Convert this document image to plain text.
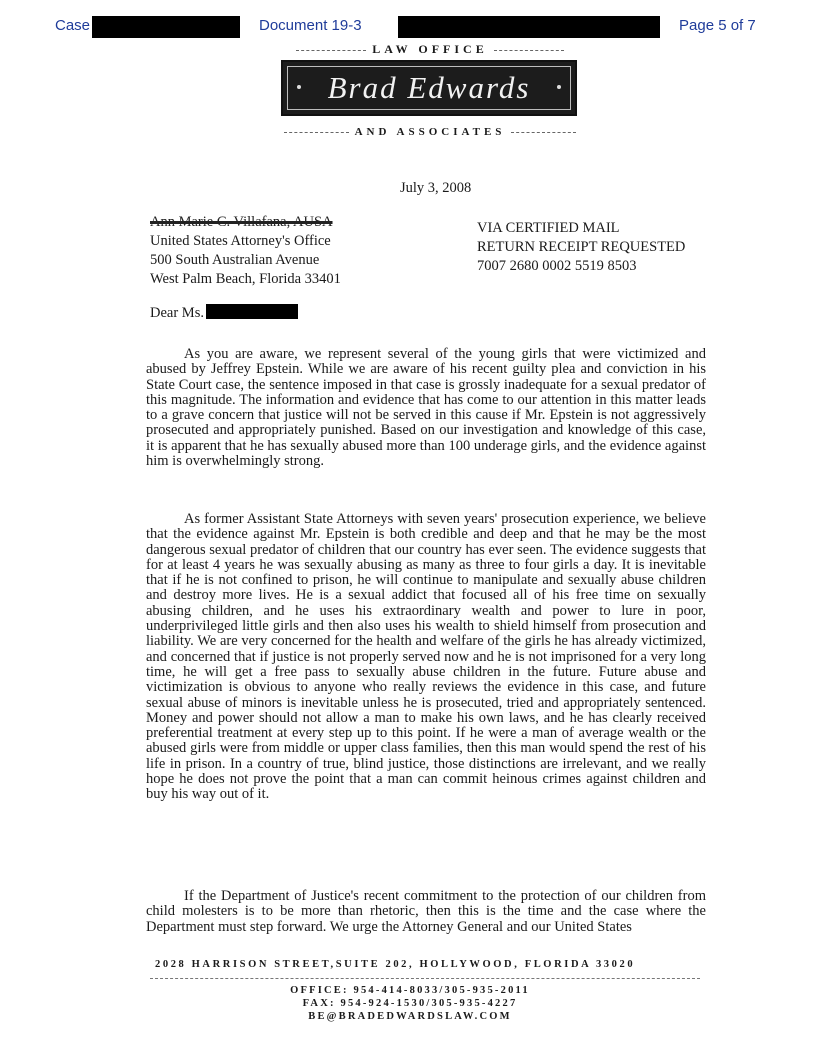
Case	Document 19-3	Page 5 of 7
LAW OFFICE
Brad Edwards
AND ASSOCIATES
July 3, 2008
Ann Marie C. Villafana, AUSA
United States Attorney's Office
500 South Australian Avenue
West Palm Beach, Florida 33401
VIA CERTIFIED MAIL
RETURN RECEIPT REQUESTED
7007 2680 0002 5519 8503
Dear Ms.

As you are aware, we represent several of the young girls that were victimized and abused by Jeffrey Epstein. While we are aware of his recent guilty plea and conviction in his State Court case, the sentence imposed in that case is grossly inadequate for a sexual predator of this magnitude. The information and evidence that has come to our attention in this matter leads to a grave concern that justice will not be served in this cause if Mr. Epstein is not aggressively prosecuted and appropriately punished. Based on our investigation and knowledge of this case, it is apparent that he has sexually abused more than 100 underage girls, and the evidence against him is overwhelmingly strong.

As former Assistant State Attorneys with seven years' prosecution experience, we believe that the evidence against Mr. Epstein is both credible and deep and that he may be the most dangerous sexual predator of children that our country has ever seen. The evidence suggests that for at least 4 years he was sexually abusing as many as three to four girls a day. It is inevitable that if he is not confined to prison, he will continue to manipulate and sexually abuse children and destroy more lives. He is a sexual addict that focused all of his free time on sexually abusing children, and he uses his extraordinary wealth and power to lure in poor, underprivileged little girls and then also uses his wealth to shield himself from prosecution and liability. We are very concerned for the health and welfare of the girls he has already victimized, and concerned that if justice is not properly served now and he is not imprisoned for a very long time, he will get a free pass to sexually abuse children in the future. Future abuse and victimization is obvious to anyone who really reviews the evidence in this case, and future sexual abuse of minors is inevitable unless he is prosecuted, tried and appropriately sentenced. Money and power should not allow a man to make his own laws, and he has clearly received preferential treatment at every step up to this point. If he were a man of average wealth or the abused girls were from middle or upper class families, then this man would spend the rest of his life in prison. In a country of true, blind justice, those distinctions are irrelevant, and we really hope he does not prove the point that a man can commit heinous crimes against children and buy his way out of it.

If the Department of Justice's recent commitment to the protection of our children from child molesters is to be more than rhetoric, then this is the time and the case where the Department must step forward. We urge the Attorney General and our United States

2028 HARRISON STREET,SUITE 202, HOLLYWOOD, FLORIDA 33020
OFFICE: 954-414-8033/305-935-2011
FAX: 954-924-1530/305-935-4227
BE@BRADEDWARDSLAW.COM
